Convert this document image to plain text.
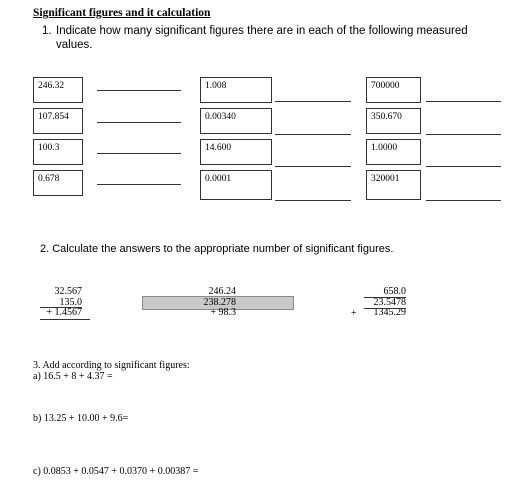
Significant figures and it calculation
1. Indicate how many significant figures there are in each of the following measured values.
246.32	1.008	700000
107.854	0.00340	350.670
100.3	14.600	1.0000
0.678	0.0001	320001
2. Calculate the answers to the appropriate number of significant figures.
32.567
135.0
+ 1.4567
246.24
238.278
+ 98.3
658.0
23.5478
1345.29
+
3. Add according to significant figures:
a) 16.5 + 8 + 4.37 =
b) 13.25 + 10.00 + 9.6=
c) 0.0853 + 0.0547 + 0.0370 + 0.00387 =
